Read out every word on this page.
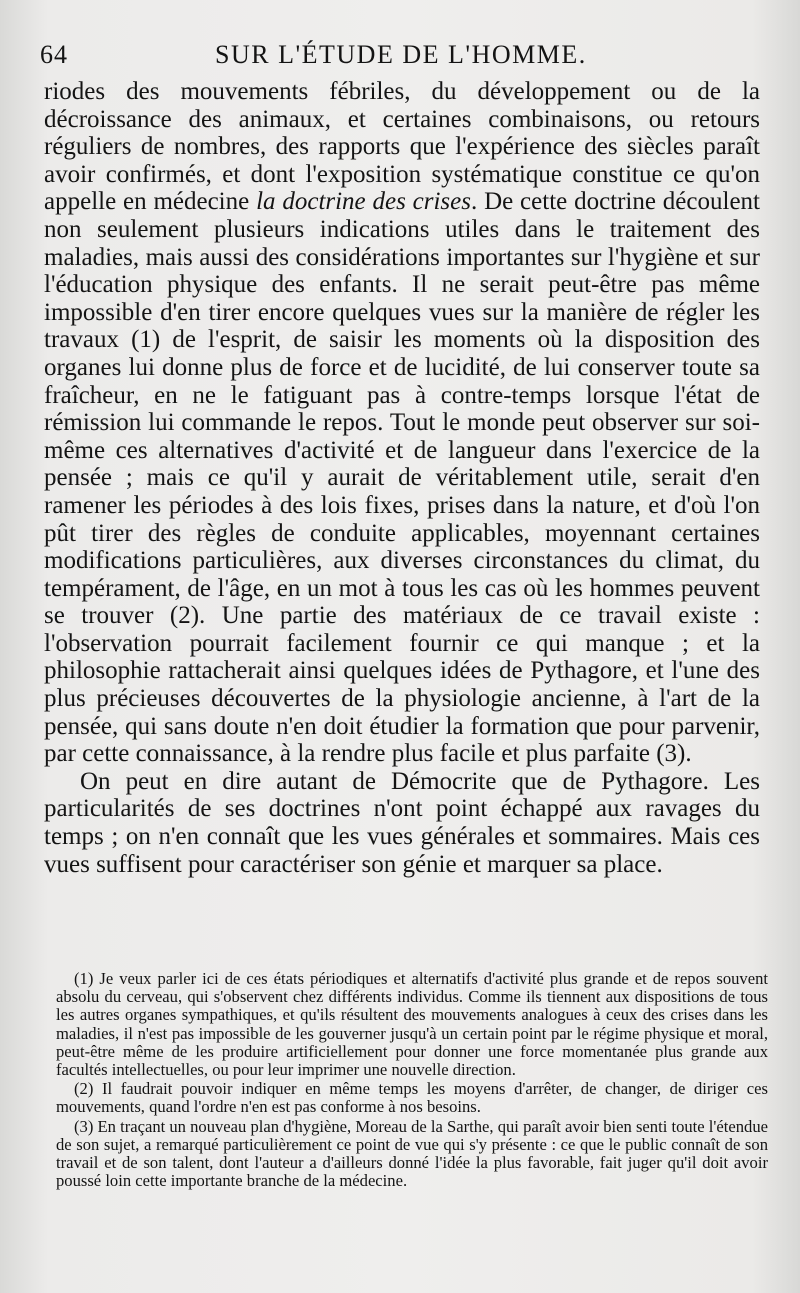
64	SUR L'ÉTUDE DE L'HOMME.

riodes des mouvements fébriles, du développement ou de la décroissance des animaux, et certaines combinaisons, ou retours réguliers de nombres, des rapports que l'expérience des siècles paraît avoir confirmés, et dont l'exposition systématique constitue ce qu'on appelle en médecine la doctrine des crises. De cette doctrine découlent non seulement plusieurs indications utiles dans le traitement des maladies, mais aussi des considérations importantes sur l'hygiène et sur l'éducation physique des enfants. Il ne serait peut-être pas même impossible d'en tirer encore quelques vues sur la manière de régler les travaux (1) de l'esprit, de saisir les moments où la disposition des organes lui donne plus de force et de lucidité, de lui conserver toute sa fraîcheur, en ne le fatiguant pas à contre-temps lorsque l'état de rémission lui commande le repos. Tout le monde peut observer sur soi-même ces alternatives d'activité et de langueur dans l'exercice de la pensée ; mais ce qu'il y aurait de véritablement utile, serait d'en ramener les périodes à des lois fixes, prises dans la nature, et d'où l'on pût tirer des règles de conduite applicables, moyennant certaines modifications particulières, aux diverses circonstances du climat, du tempérament, de l'âge, en un mot à tous les cas où les hommes peuvent se trouver (2). Une partie des matériaux de ce travail existe : l'observation pourrait facilement fournir ce qui manque ; et la philosophie rattacherait ainsi quelques idées de Pythagore, et l'une des plus précieuses découvertes de la physiologie ancienne, à l'art de la pensée, qui sans doute n'en doit étudier la formation que pour parvenir, par cette connaissance, à la rendre plus facile et plus parfaite (3).

On peut en dire autant de Démocrite que de Pythagore. Les particularités de ses doctrines n'ont point échappé aux ravages du temps ; on n'en connaît que les vues générales et sommaires. Mais ces vues suffisent pour caractériser son génie et marquer sa place.

(1) Je veux parler ici de ces états périodiques et alternatifs d'activité plus grande et de repos souvent absolu du cerveau, qui s'observent chez différents individus. Comme ils tiennent aux dispositions de tous les autres organes sympathiques, et qu'ils résultent des mouvements analogues à ceux des crises dans les maladies, il n'est pas impossible de les gouverner jusqu'à un certain point par le régime physique et moral, peut-être même de les produire artificiellement pour donner une force momentanée plus grande aux facultés intellectuelles, ou pour leur imprimer une nouvelle direction.

(2) Il faudrait pouvoir indiquer en même temps les moyens d'arrêter, de changer, de diriger ces mouvements, quand l'ordre n'en est pas conforme à nos besoins.

(3) En traçant un nouveau plan d'hygiène, Moreau de la Sarthe, qui paraît avoir bien senti toute l'étendue de son sujet, a remarqué particulièrement ce point de vue qui s'y présente : ce que le public connaît de son travail et de son talent, dont l'auteur a d'ailleurs donné l'idée la plus favorable, fait juger qu'il doit avoir poussé loin cette importante branche de la médecine.
